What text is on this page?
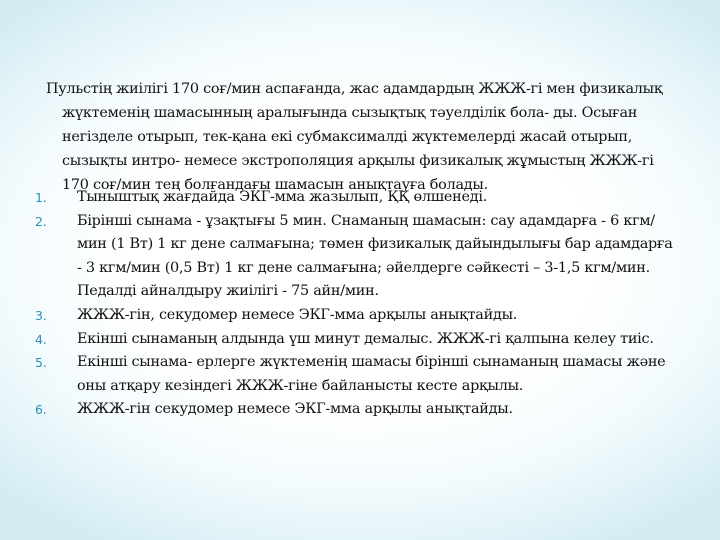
Пульстің жиілігі 170 соғ/мин аспағанда, жас адамдардың ЖЖЖ-гі мен физикалық жүктеменің шамасынның аралығында сызықтық тәуелділік бола- ды. Осыған негізделе отырып, тек-қана екі субмаксималді жүктемелерді жасай отырып, сызықты интро- немесе экстрополяция арқылы физикалық жұмыстың ЖЖЖ-гі 170 соғ/мин тең болғандағы шамасын анықтауға болады.

1. Тыныштық жағдайда ЭКГ-мма жазылып, ҚҚ өлшенеді.
2. Бірінші сынама - ұзақтығы 5 мин. Снаманың шамасын: сау адамдарға - 6 кгм/мин (1 Вт) 1 кг дене салмағына; төмен физикалық дайындылығы бар адамдарға - 3 кгм/мин (0,5 Вт) 1 кг дене салмағына; әйелдерге сәйкесті – 3-1,5 кгм/мин. Педалді айналдыру жиілігі - 75 айн/мин.
3. ЖЖЖ-гін, секудомер немесе ЭКГ-мма арқылы анықтайды.
4. Екінші сынаманың алдында үш минут демалыс. ЖЖЖ-гі қалпына келеу тиіс.
5. Екінші сынама- ерлерге жүктеменің шамасы бірінші сынаманың шамасы және оны атқару кезіндегі ЖЖЖ-гіне байланысты кесте арқылы.
6. ЖЖЖ-гін секудомер немесе ЭКГ-мма арқылы анықтайды.
